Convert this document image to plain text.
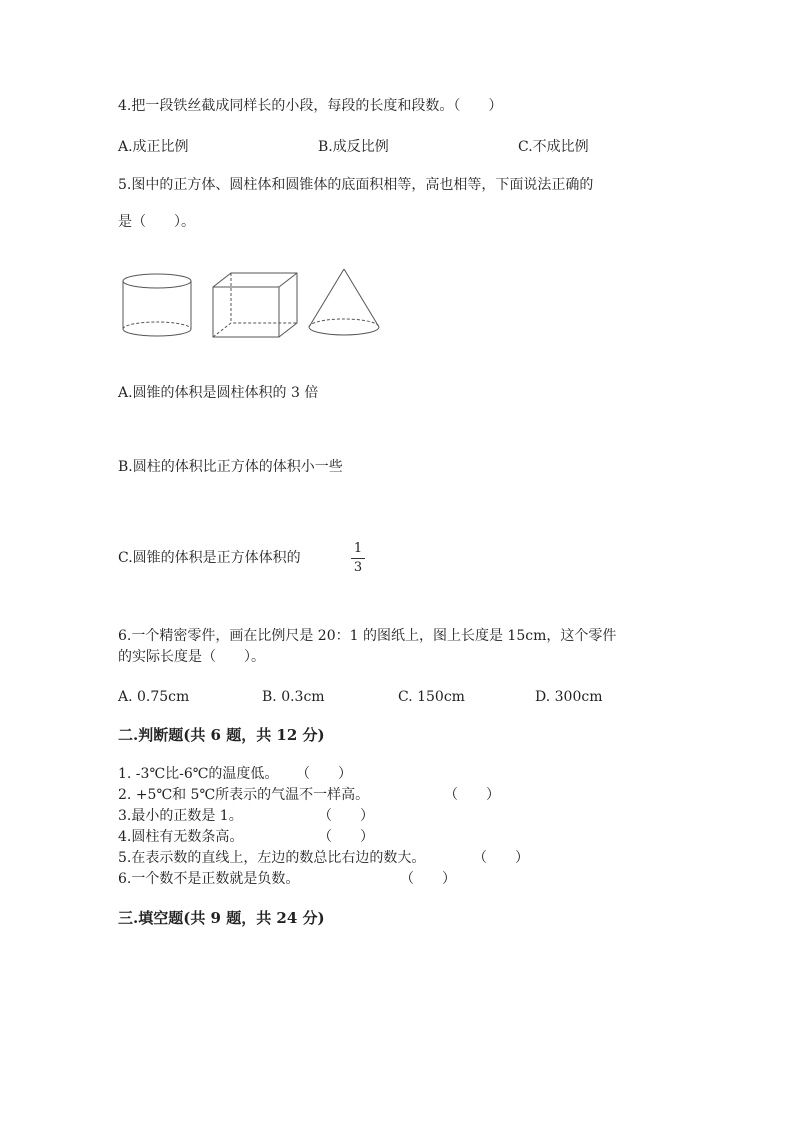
4.把一段铁丝截成同样长的小段，每段的长度和段数。（　　）
A.成正比例	B.成反比例	C.不成比例
5.图中的正方体、圆柱体和圆锥体的底面积相等，高也相等，下面说法正确的
是（　　）。
A.圆锥的体积是圆柱体积的 3 倍
B.圆柱的体积比正方体的体积小一些
C.圆锥的体积是正方体体积的
1
3
6.一个精密零件，画在比例尺是 20：1 的图纸上，图上长度是 15cm，这个零件
的实际长度是（　　）。
A. 0.75cm	B. 0.3cm	C. 150cm	D. 300cm
二.判断题(共 6 题，共 12 分)
1. -3℃比-6℃的温度低。 （　　）
2. +5℃和 5℃所表示的气温不一样高。	（　　）
3.最小的正数是 1。	（　　）
4.圆柱有无数条高。	（　　）
5.在表示数的直线上，左边的数总比右边的数大。	（　　）
6.一个数不是正数就是负数。	（　　）
三.填空题(共 9 题，共 24 分)
